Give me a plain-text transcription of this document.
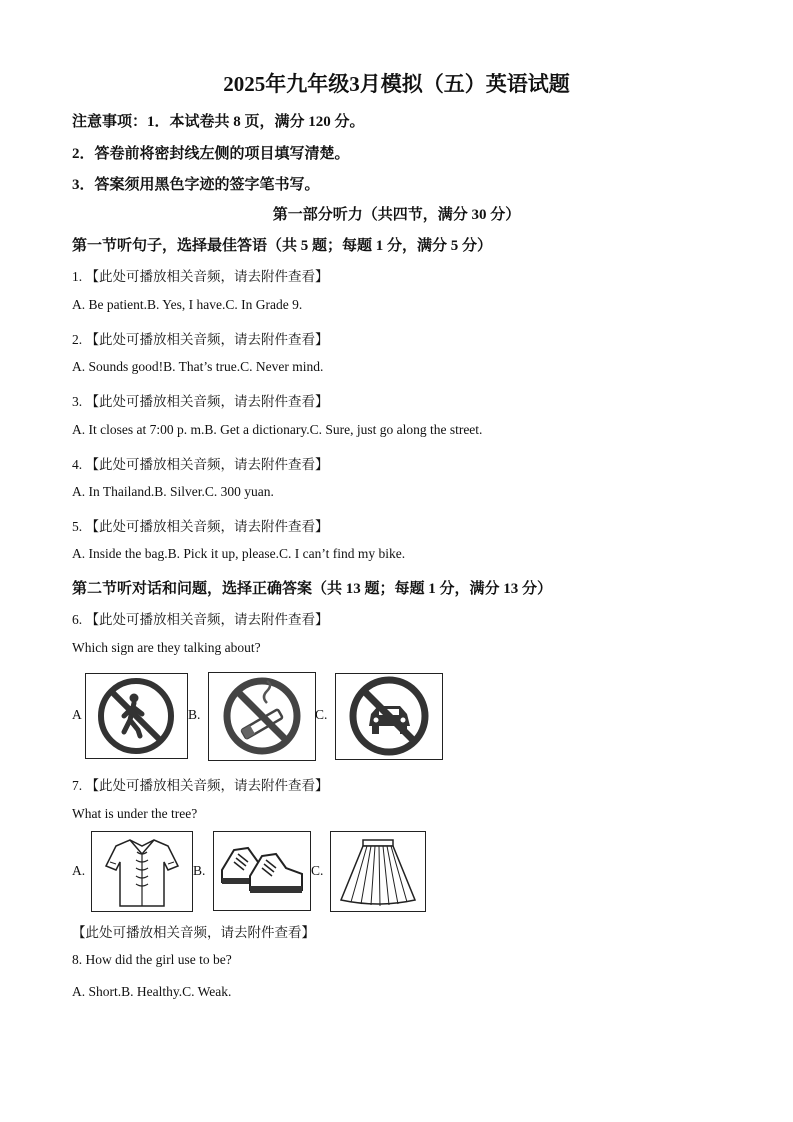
2025年九年级3月模拟（五）英语试题
注意事项：1．本试卷共 8 页，满分 120 分。
2．答卷前将密封线左侧的项目填写清楚。
3．答案须用黑色字迹的签字笔书写。
第一部分听力（共四节，满分 30 分）
第一节听句子，选择最佳答语（共 5 题；每题 1 分，满分 5 分）
1. 【此处可播放相关音频，请去附件查看】
A. Be patient.B. Yes, I have.C. In Grade 9.
2. 【此处可播放相关音频，请去附件查看】
A. Sounds good!B. That’s true.C. Never mind.
3. 【此处可播放相关音频，请去附件查看】
A. It closes at 7:00 p. m.B. Get a dictionary.C. Sure, just go along the street.
4. 【此处可播放相关音频，请去附件查看】
A. In Thailand.B. Silver.C. 300 yuan.
5. 【此处可播放相关音频，请去附件查看】
A. Inside the bag.B. Pick it up, please.C. I can’t find my bike.
第二节听对话和问题，选择正确答案（共 13 题；每题 1 分，满分 13 分）
6. 【此处可播放相关音频，请去附件查看】
Which sign are they talking about?
A	B.	C.
7. 【此处可播放相关音频，请去附件查看】
What is under the tree?
A.	B.	C.
【此处可播放相关音频，请去附件查看】
8. How did the girl use to be?
A. Short.B. Healthy.C. Weak.
